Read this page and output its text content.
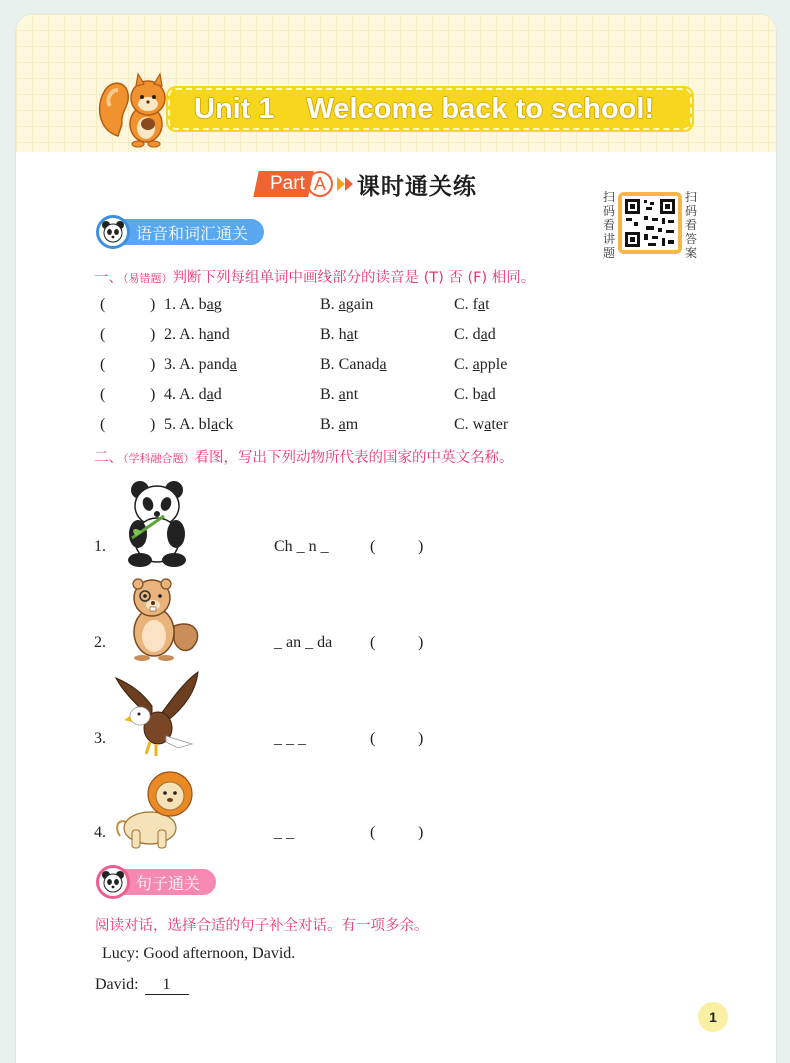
Unit 1 Welcome back to school!
Part A	课时通关练	扫
码
看
讲
题
扫
码
看
答
案
语音和词汇通关
一、（易错题）判断下列每组单词中画线部分的读音是 (T) 否 (F) 相同。
(	) 1. A. bag	B. again	C. fat
(	) 2. A. hand	B. hat	C. dad
(	) 3. A. panda	B. Canada	C. apple
(	) 4. A. dad	B. ant	C. bad
(	) 5. A. black	B. am	C. water
二、（学科融合题）看图，写出下列动物所代表的国家的中英文名称。
1.	Ch _ n _	(	)
2.	_ an _ da (	)
3.	_ _ _	(	)
4.	_ _	(	)
句子通关
阅读对话，选择合适的句子补全对话。有一项多余。
Lucy: Good afternoon, David.
David: 1
1
